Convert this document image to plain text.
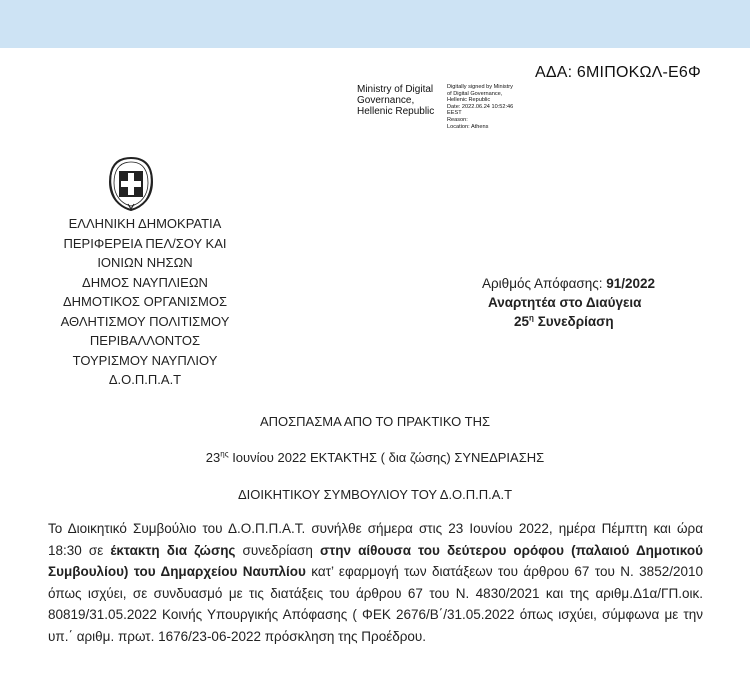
ΑΔΑ: 6ΜΙΠΟΚΩΛ-Ε6Φ
Ministry of Digital
Governance,
Hellenic Republic
Digitally signed by Ministry
of Digital Governance,
Hellenic Republic
Date: 2022.06.24 10:52:46
EEST
Reason:
Location: Athens
ΕΛΛΗΝΙΚΗ ΔΗΜΟΚΡΑΤΙΑ
ΠΕΡΙΦΕΡΕΙΑ ΠΕΛ/ΣΟΥ ΚΑΙ
ΙΟΝΙΩΝ ΝΗΣΩΝ
ΔΗΜΟΣ ΝΑΥΠΛΙΕΩΝ
ΔΗΜΟΤΙΚΟΣ ΟΡΓΑΝΙΣΜΟΣ
ΑΘΛΗΤΙΣΜΟΥ ΠΟΛΙΤΙΣΜΟΥ
ΠΕΡΙΒΑΛΛΟΝΤΟΣ
ΤΟΥΡΙΣΜΟΥ ΝΑΥΠΛΙΟΥ
Δ.Ο.Π.Π.Α.Τ
Αριθμός Απόφασης: 91/2022
Αναρτητέα στο Διαύγεια
$25^\eta$ Συνεδρίαση
ΑΠΟΣΠΑΣΜΑ ΑΠΟ ΤΟ ΠΡΑΚΤΙΚΟ ΤΗΣ
$23^{\eta\varsigma}$ Ιουνίου 2022 ΕΚΤΑΚΤΗΣ ( δια ζώσης) ΣΥΝΕΔΡΙΑΣΗΣ
ΔΙΟΙΚΗΤΙΚΟΥ ΣΥΜΒΟΥΛΙΟΥ ΤΟΥ Δ.Ο.Π.Π.Α.Τ
Το Διοικητικό Συμβούλιο του Δ.Ο.Π.Π.Α.Τ. συνήλθε σήμερα στις 23 Ιουνίου 2022, ημέρα Πέμπτη και ώρα 18:30 σε έκτακτη δια ζώσης συνεδρίαση στην αίθουσα του δεύτερου ορόφου (παλαιού Δημοτικού Συμβουλίου) του Δημαρχείου Ναυπλίου κατ’ εφαρμογή των διατάξεων του άρθρου 67 του Ν. 3852/2010 όπως ισχύει, σε συνδυασμό με τις διατάξεις του άρθρου 67 του Ν. 4830/2021 και της αριθμ.Δ1α/ΓΠ.οικ. 80819/31.05.2022 Κοινής Υπουργικής Απόφασης ( ΦΕΚ 2676/Β΄/31.05.2022 όπως ισχύει, σύμφωνα με την υπ.΄ αριθμ. πρωτ. 1676/23-06-2022 πρόσκληση της Προέδρου.
